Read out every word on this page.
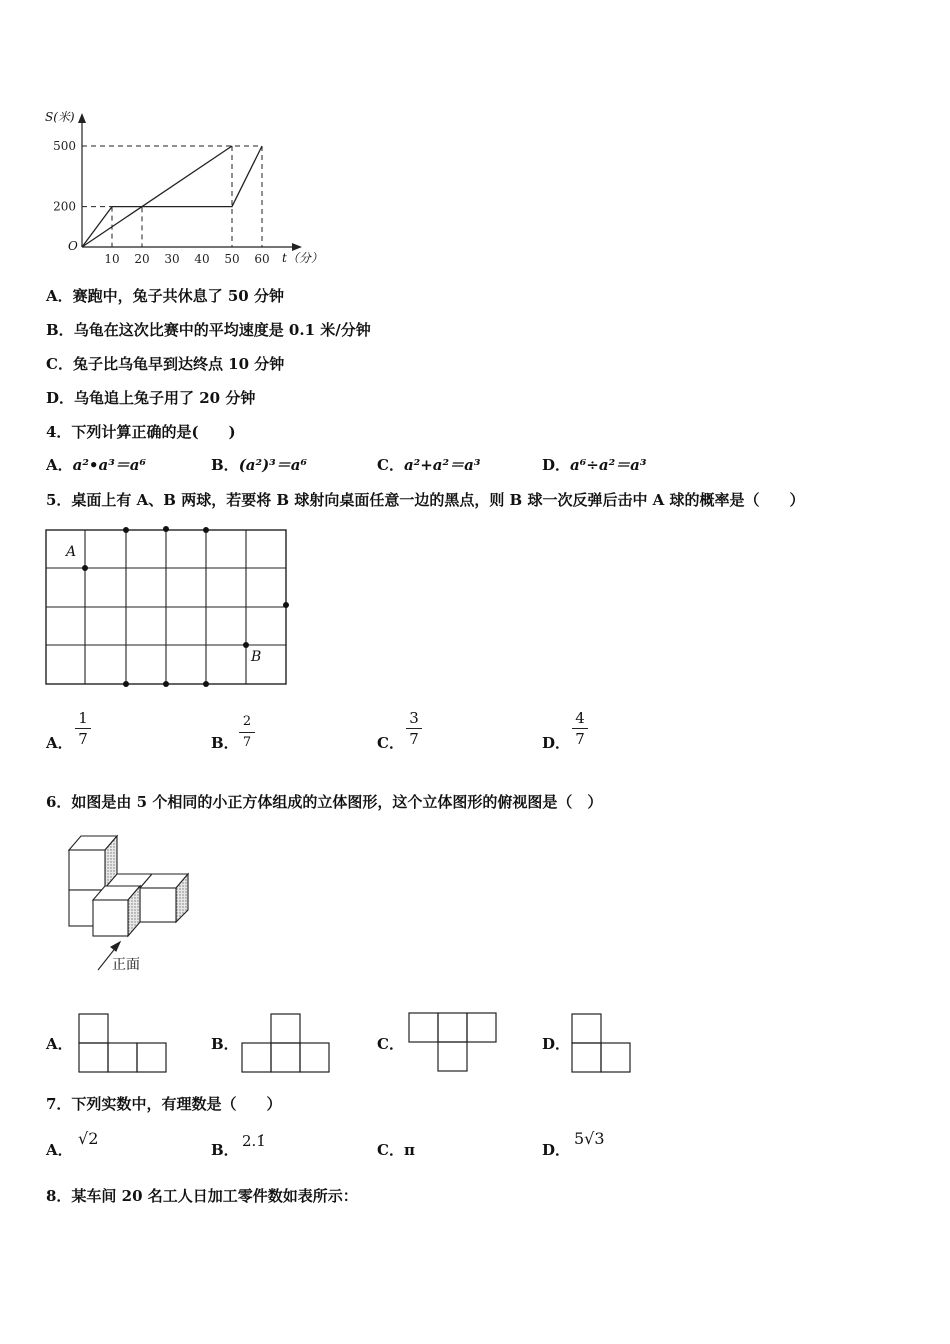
10 20 30 40 50 60
200
500
S(米)
t（分）
O
A．赛跑中，兔子共休息了 50 分钟
B．乌龟在这次比赛中的平均速度是 0.1 米/分钟
C．兔子比乌龟早到达终点 10 分钟
D．乌龟追上兔子用了 20 分钟
4．下列计算正确的是(　　)
A．a²•a³＝a⁶	B．(a²)³＝a⁶	C．a²+a²＝a³	D．a⁶÷a²＝a³
5．桌面上有 A、B 两球，若要将 B 球射向桌面任意一边的黑点，则 B 球一次反弹后击中 A 球的概率是（　　）
A
B
A．
1
7	B．
2
7	C．
3
7	D．
4
7
6．如图是由 5 个相同的小正方体组成的立体图形，这个立体图形的俯视图是（　）
正面
A．	B．	C．	D．
7．下列实数中，有理数是（　　）
A．
√2
B． 2.1̇	C．π	D．
5√3
8．某车间 20 名工人日加工零件数如表所示：
